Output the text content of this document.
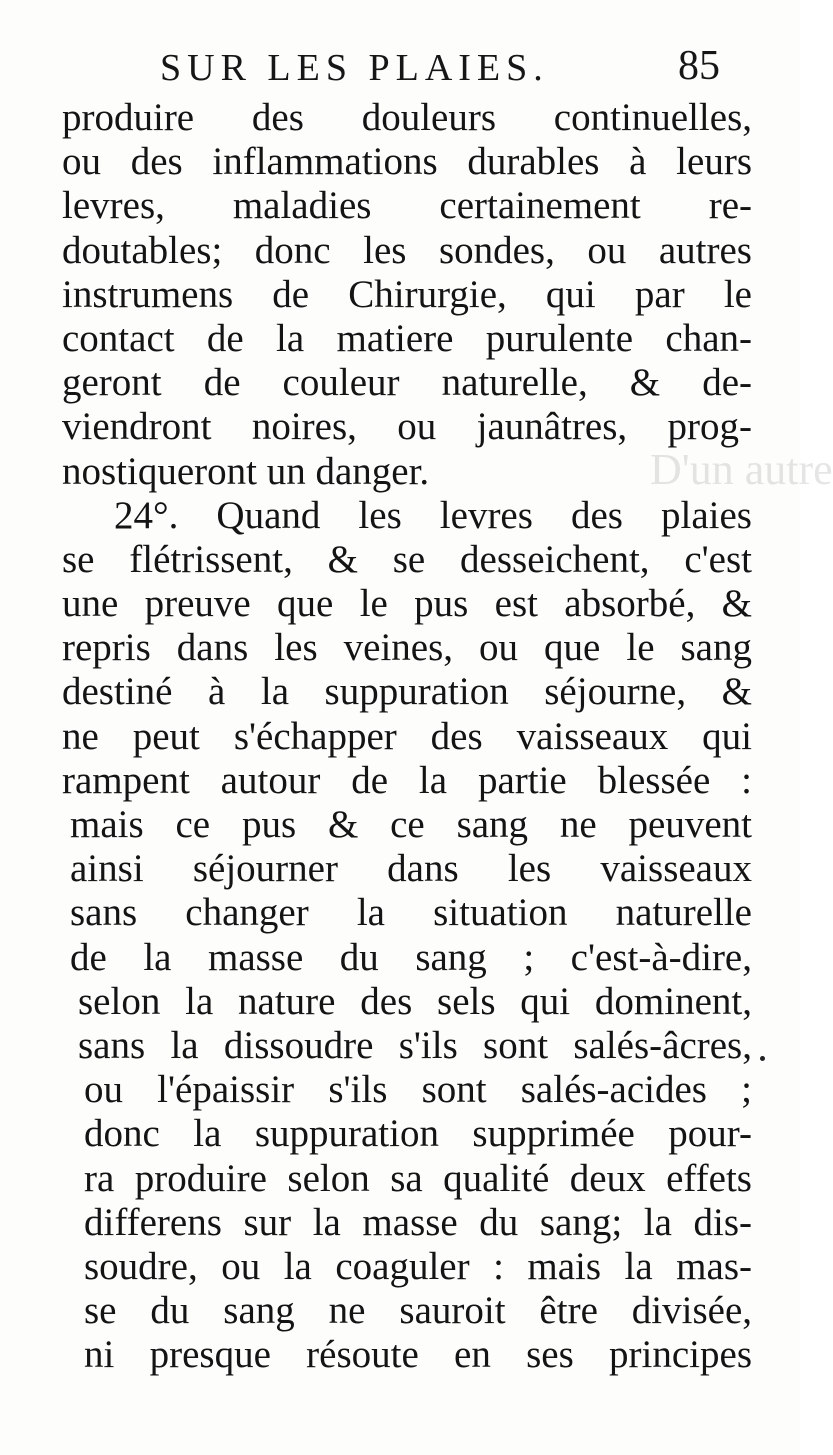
D'un autre
SUR LES PLAIES.	85
produire des douleurs continuelles,
ou des inflammations durables à leurs
levres, maladies certainement re-
doutables; donc les sondes, ou autres
instrumens de Chirurgie, qui par le
contact de la matiere purulente chan-
geront de couleur naturelle, & de-
viendront noires, ou jaunâtres, prog-
nostiqueront un danger.
24°. Quand les levres des plaies
se flétrissent, & se desseichent, c'est
une preuve que le pus est absorbé, &
repris dans les veines, ou que le sang
destiné à la suppuration séjourne, &
ne peut s'échapper des vaisseaux qui
rampent autour de la partie blessée :
mais ce pus & ce sang ne peuvent
ainsi séjourner dans les vaisseaux
sans changer la situation naturelle
de la masse du sang ; c'est-à-dire,
selon la nature des sels qui dominent,
sans la dissoudre s'ils sont salés-âcres,
ou l'épaissir s'ils sont salés-acides ;
donc la suppuration supprimée pour-
ra produire selon sa qualité deux effets
differens sur la masse du sang; la dis-
soudre, ou la coaguler : mais la mas-
se du sang ne sauroit être divisée,
ni presque résoute en ses principes
